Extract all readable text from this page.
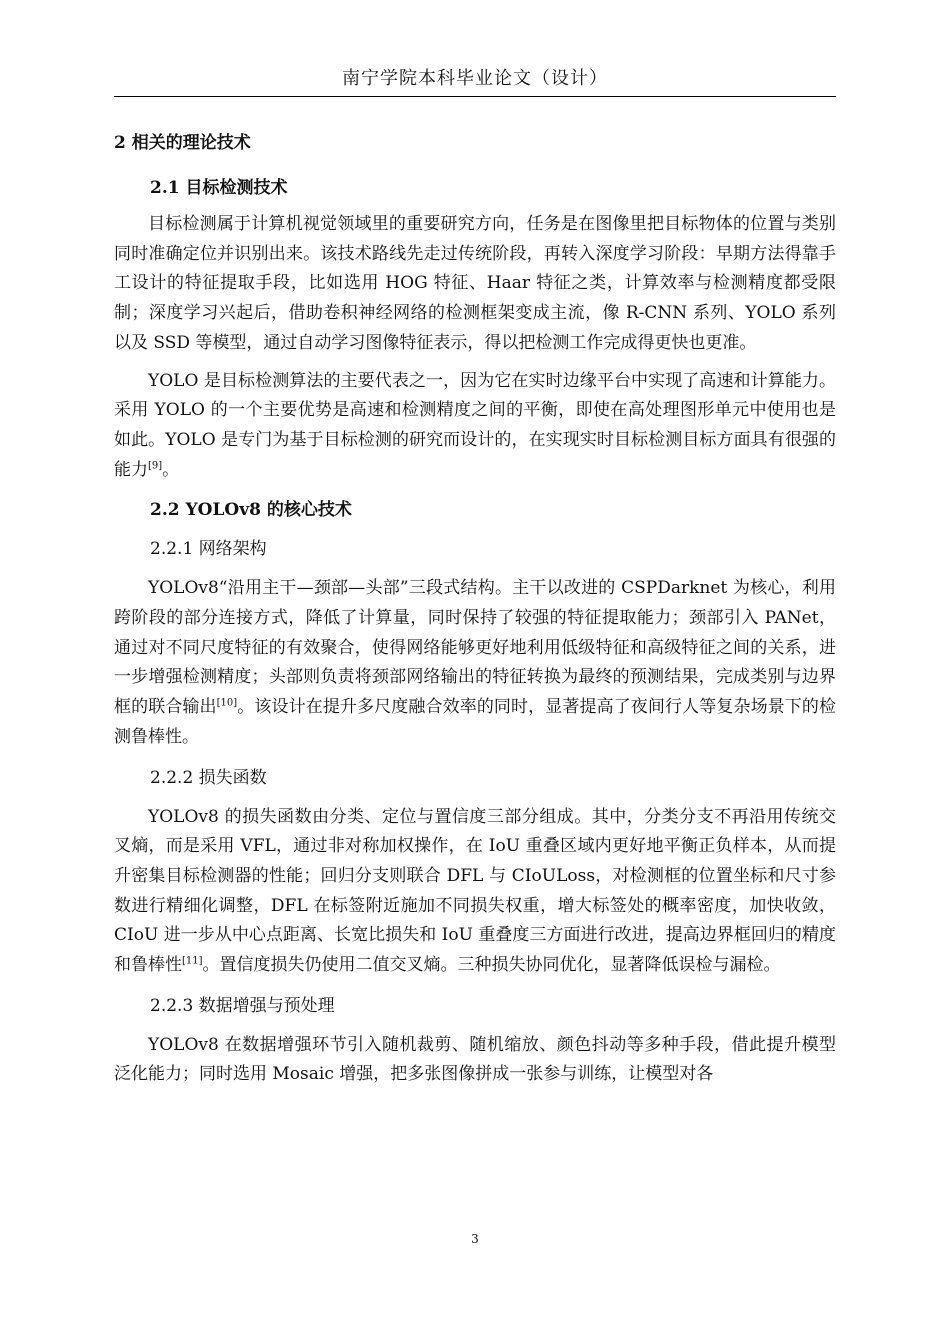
南宁学院本科毕业论文（设计）
2 相关的理论技术
2.1 目标检测技术

目标检测属于计算机视觉领域里的重要研究方向，任务是在图像里把目标物体的位置与类别同时准确定位并识别出来。该技术路线先走过传统阶段，再转入深度学习阶段：早期方法得靠手工设计的特征提取手段，比如选用 HOG 特征、Haar 特征之类，计算效率与检测精度都受限制；深度学习兴起后，借助卷积神经网络的检测框架变成主流，像 R-CNN 系列、YOLO 系列以及 SSD 等模型，通过自动学习图像特征表示，得以把检测工作完成得更快也更准。

YOLO 是目标检测算法的主要代表之一，因为它在实时边缘平台中实现了高速和计算能力。采用 YOLO 的一个主要优势是高速和检测精度之间的平衡，即使在高处理图形单元中使用也是如此。YOLO 是专门为基于目标检测的研究而设计的，在实现实时目标检测目标方面具有很强的能力[9]。

2.2 YOLOv8 的核心技术
2.2.1 网络架构

YOLOv8“沿用主干—颈部—头部”三段式结构。主干以改进的 CSPDarknet 为核心，利用跨阶段的部分连接方式，降低了计算量，同时保持了较强的特征提取能力；颈部引入 PANet，通过对不同尺度特征的有效聚合，使得网络能够更好地利用低级特征和高级特征之间的关系，进一步增强检测精度；头部则负责将颈部网络输出的特征转换为最终的预测结果，完成类别与边界框的联合输出[10]。该设计在提升多尺度融合效率的同时，显著提高了夜间行人等复杂场景下的检测鲁棒性。

2.2.2 损失函数

YOLOv8 的损失函数由分类、定位与置信度三部分组成。其中，分类分支不再沿用传统交叉熵，而是采用 VFL，通过非对称加权操作，在 IoU 重叠区域内更好地平衡正负样本，从而提升密集目标检测器的性能；回归分支则联合 DFL 与 CIoULoss，对检测框的位置坐标和尺寸参数进行精细化调整，DFL 在标签附近施加不同损失权重，增大标签处的概率密度，加快收敛，CIoU 进一步从中心点距离、长宽比损失和 IoU 重叠度三方面进行改进，提高边界框回归的精度和鲁棒性[11]。置信度损失仍使用二值交叉熵。三种损失协同优化，显著降低误检与漏检。

2.2.3 数据增强与预处理

YOLOv8 在数据增强环节引入随机裁剪、随机缩放、颜色抖动等多种手段，借此提升模型泛化能力；同时选用 Mosaic 增强，把多张图像拼成一张参与训练，让模型对各

3
